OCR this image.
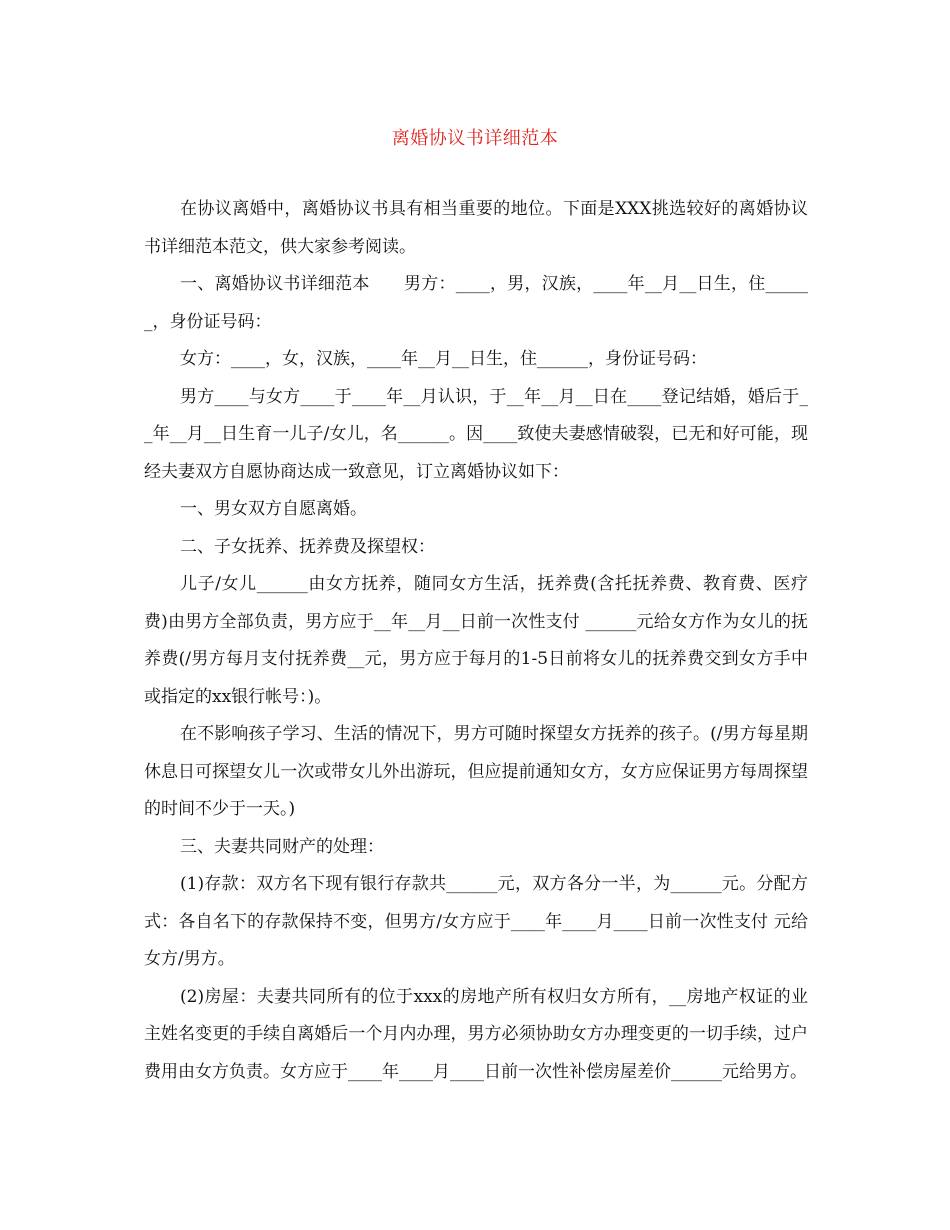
离婚协议书详细范本

在协议离婚中，离婚协议书具有相当重要的地位。下面是XXX挑选较好的离婚协议书详细范本范文，供大家参考阅读。

一、离婚协议书详细范本　　男方：____，男，汉族，____年__月__日生，住______，身份证号码：

女方：____，女，汉族，____年__月__日生，住______，身份证号码：

男方____与女方____于____年__月认识，于__年__月__日在____登记结婚，婚后于__年__月__日生育一儿子/女儿，名______。因____致使夫妻感情破裂，已无和好可能，现经夫妻双方自愿协商达成一致意见，订立离婚协议如下：

一、男女双方自愿离婚。

二、子女抚养、抚养费及探望权：

儿子/女儿______由女方抚养，随同女方生活，抚养费(含托抚养费、教育费、医疗费)由男方全部负责，男方应于__年__月__日前一次性支付 ______元给女方作为女儿的抚养费(/男方每月支付抚养费__元，男方应于每月的1-5日前将女儿的抚养费交到女方手中或指定的xx银行帐号：)。

在不影响孩子学习、生活的情况下，男方可随时探望女方抚养的孩子。(/男方每星期休息日可探望女儿一次或带女儿外出游玩，但应提前通知女方，女方应保证男方每周探望的时间不少于一天。)

三、夫妻共同财产的处理：

(1)存款：双方名下现有银行存款共______元，双方各分一半，为______元。分配方式：各自名下的存款保持不变，但男方/女方应于____年____月____日前一次性支付 元给女方/男方。

(2)房屋：夫妻共同所有的位于xxx的房地产所有权归女方所有，__房地产权证的业主姓名变更的手续自离婚后一个月内办理，男方必须协助女方办理变更的一切手续，过户费用由女方负责。女方应于____年____月____日前一次性补偿房屋差价______元给男方。
